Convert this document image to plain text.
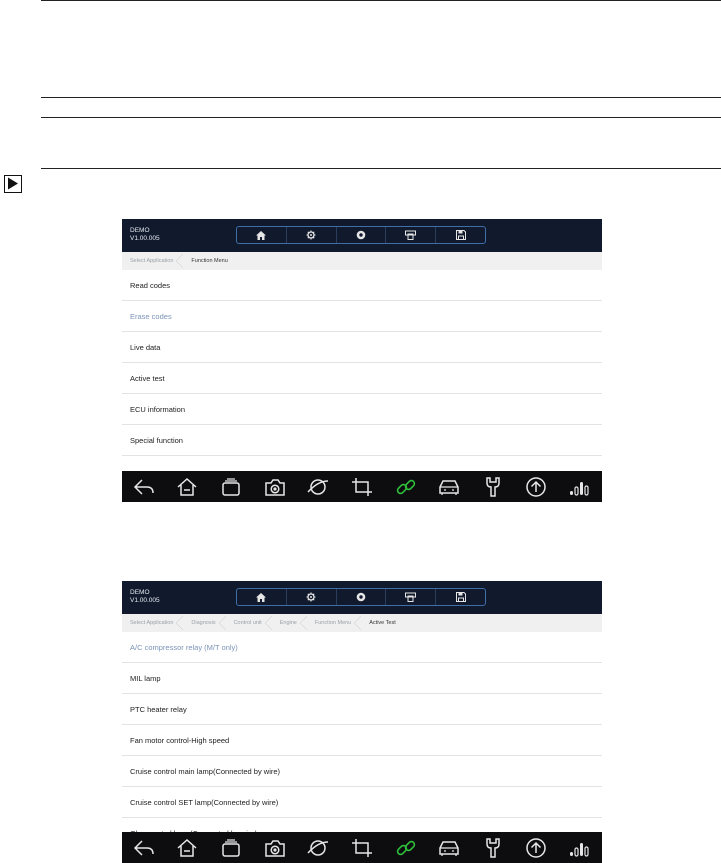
DEMO
V1.00.005
Select Application	Function Menu
Read codes
Erase codes
Live data
Active test
ECU information
Special function
DEMO
V1.00.005
Select Application	Diagnosis	Control unit	Engine	Function Menu	Active Test
A/C compressor relay (M/T only)
MIL lamp
PTC heater relay
Fan motor control-High speed
Cruise control main lamp(Connected by wire)
Cruise control SET lamp(Connected by wire)
